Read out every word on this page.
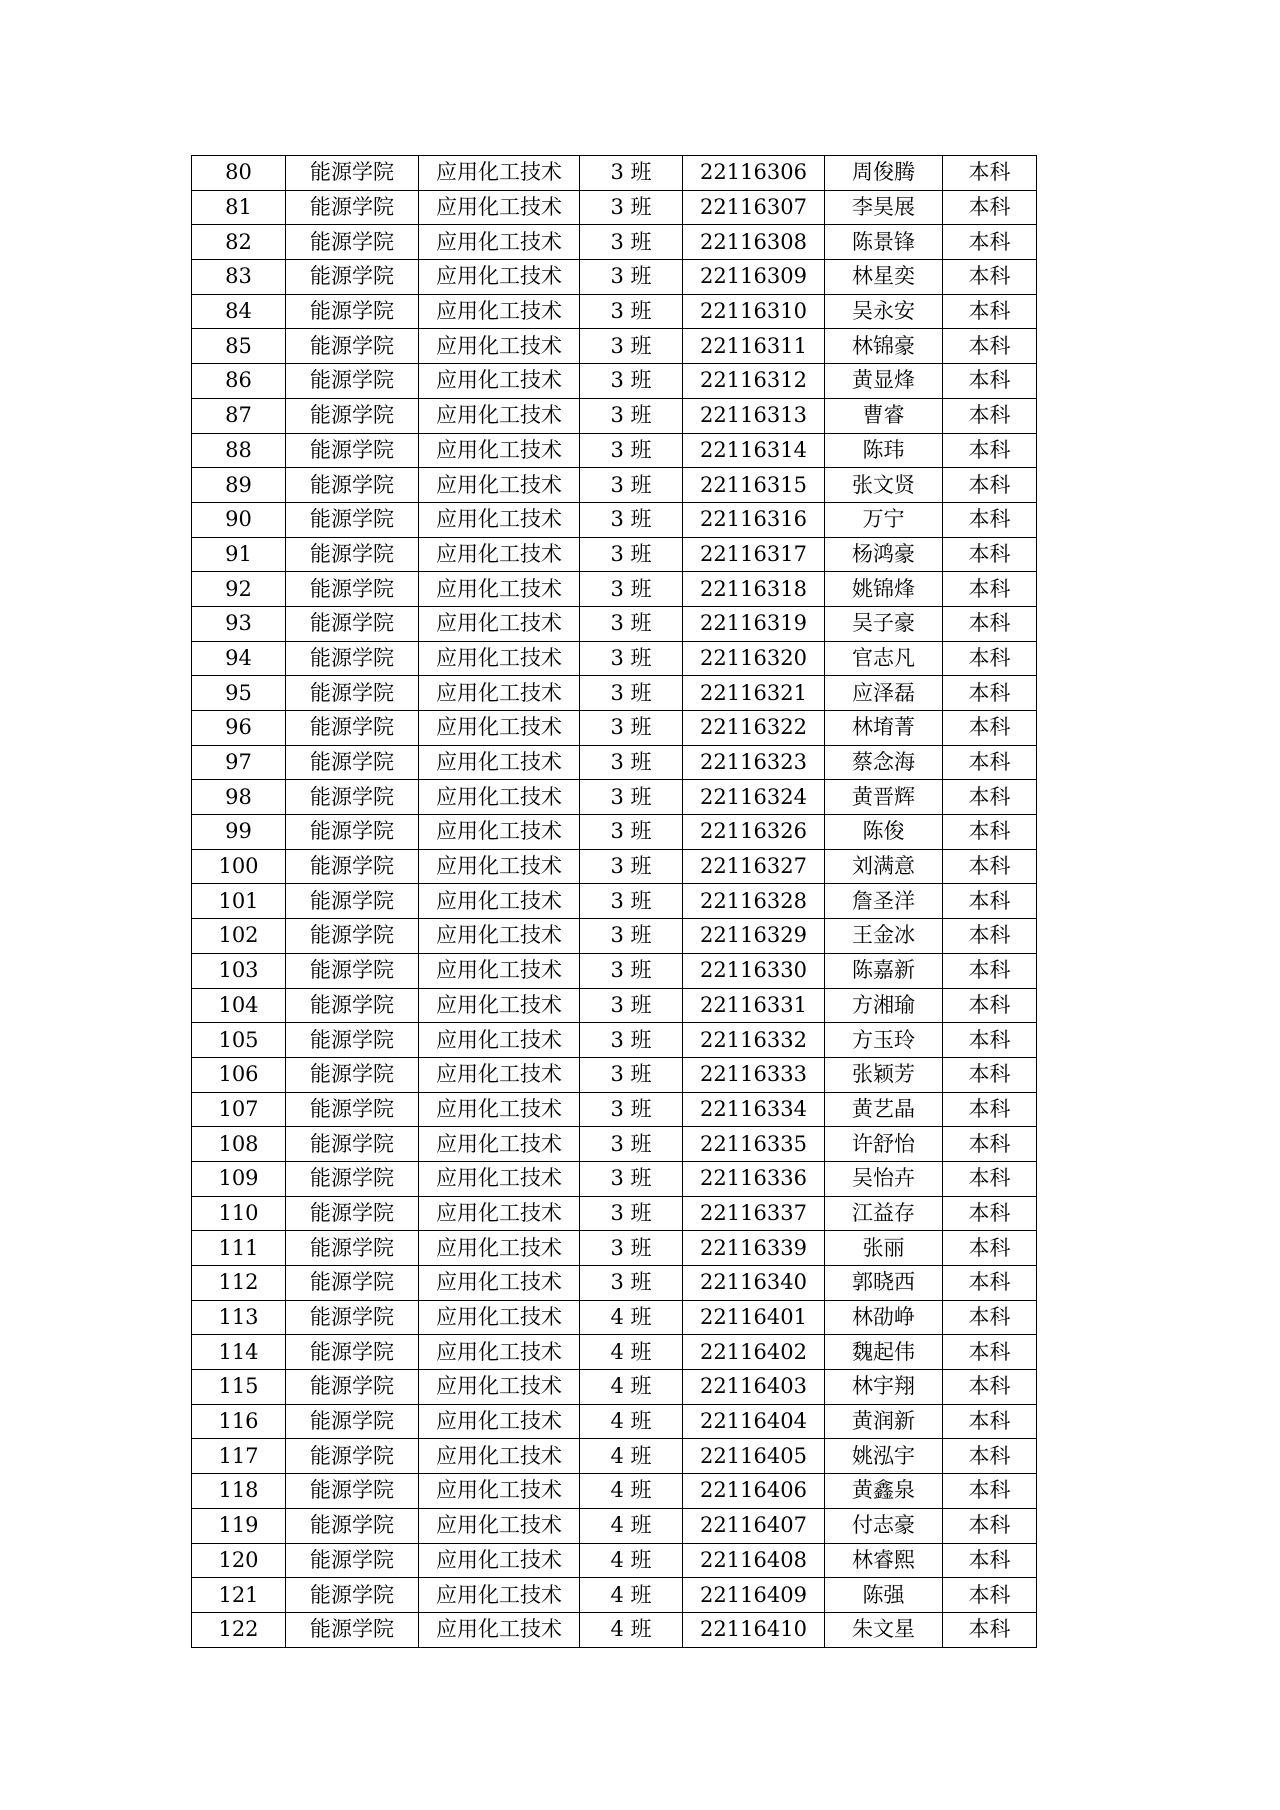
80	能源学院	应用化工技术	3 班	22116306	周俊腾	本科
81	能源学院	应用化工技术	3 班	22116307	李昊展	本科
82	能源学院	应用化工技术	3 班	22116308	陈景锋	本科
83	能源学院	应用化工技术	3 班	22116309	林星奕	本科
84	能源学院	应用化工技术	3 班	22116310	吴永安	本科
85	能源学院	应用化工技术	3 班	22116311	林锦豪	本科
86	能源学院	应用化工技术	3 班	22116312	黄显烽	本科
87	能源学院	应用化工技术	3 班	22116313	曹睿	本科
88	能源学院	应用化工技术	3 班	22116314	陈玮	本科
89	能源学院	应用化工技术	3 班	22116315	张文贤	本科
90	能源学院	应用化工技术	3 班	22116316	万宁	本科
91	能源学院	应用化工技术	3 班	22116317	杨鸿豪	本科
92	能源学院	应用化工技术	3 班	22116318	姚锦烽	本科
93	能源学院	应用化工技术	3 班	22116319	吴子豪	本科
94	能源学院	应用化工技术	3 班	22116320	官志凡	本科
95	能源学院	应用化工技术	3 班	22116321	应泽磊	本科
96	能源学院	应用化工技术	3 班	22116322	林堉菁	本科
97	能源学院	应用化工技术	3 班	22116323	蔡念海	本科
98	能源学院	应用化工技术	3 班	22116324	黄晋辉	本科
99	能源学院	应用化工技术	3 班	22116326	陈俊	本科
100	能源学院	应用化工技术	3 班	22116327	刘满意	本科
101	能源学院	应用化工技术	3 班	22116328	詹圣洋	本科
102	能源学院	应用化工技术	3 班	22116329	王金冰	本科
103	能源学院	应用化工技术	3 班	22116330	陈嘉新	本科
104	能源学院	应用化工技术	3 班	22116331	方湘瑜	本科
105	能源学院	应用化工技术	3 班	22116332	方玉玲	本科
106	能源学院	应用化工技术	3 班	22116333	张颖芳	本科
107	能源学院	应用化工技术	3 班	22116334	黄艺晶	本科
108	能源学院	应用化工技术	3 班	22116335	许舒怡	本科
109	能源学院	应用化工技术	3 班	22116336	吴怡卉	本科
110	能源学院	应用化工技术	3 班	22116337	江益存	本科
111	能源学院	应用化工技术	3 班	22116339	张丽	本科
112	能源学院	应用化工技术	3 班	22116340	郭晓西	本科
113	能源学院	应用化工技术	4 班	22116401	林劭峥	本科
114	能源学院	应用化工技术	4 班	22116402	魏起伟	本科
115	能源学院	应用化工技术	4 班	22116403	林宇翔	本科
116	能源学院	应用化工技术	4 班	22116404	黄润新	本科
117	能源学院	应用化工技术	4 班	22116405	姚泓宇	本科
118	能源学院	应用化工技术	4 班	22116406	黄鑫泉	本科
119	能源学院	应用化工技术	4 班	22116407	付志豪	本科
120	能源学院	应用化工技术	4 班	22116408	林睿熙	本科
121	能源学院	应用化工技术	4 班	22116409	陈强	本科
122	能源学院	应用化工技术	4 班	22116410	朱文星	本科
